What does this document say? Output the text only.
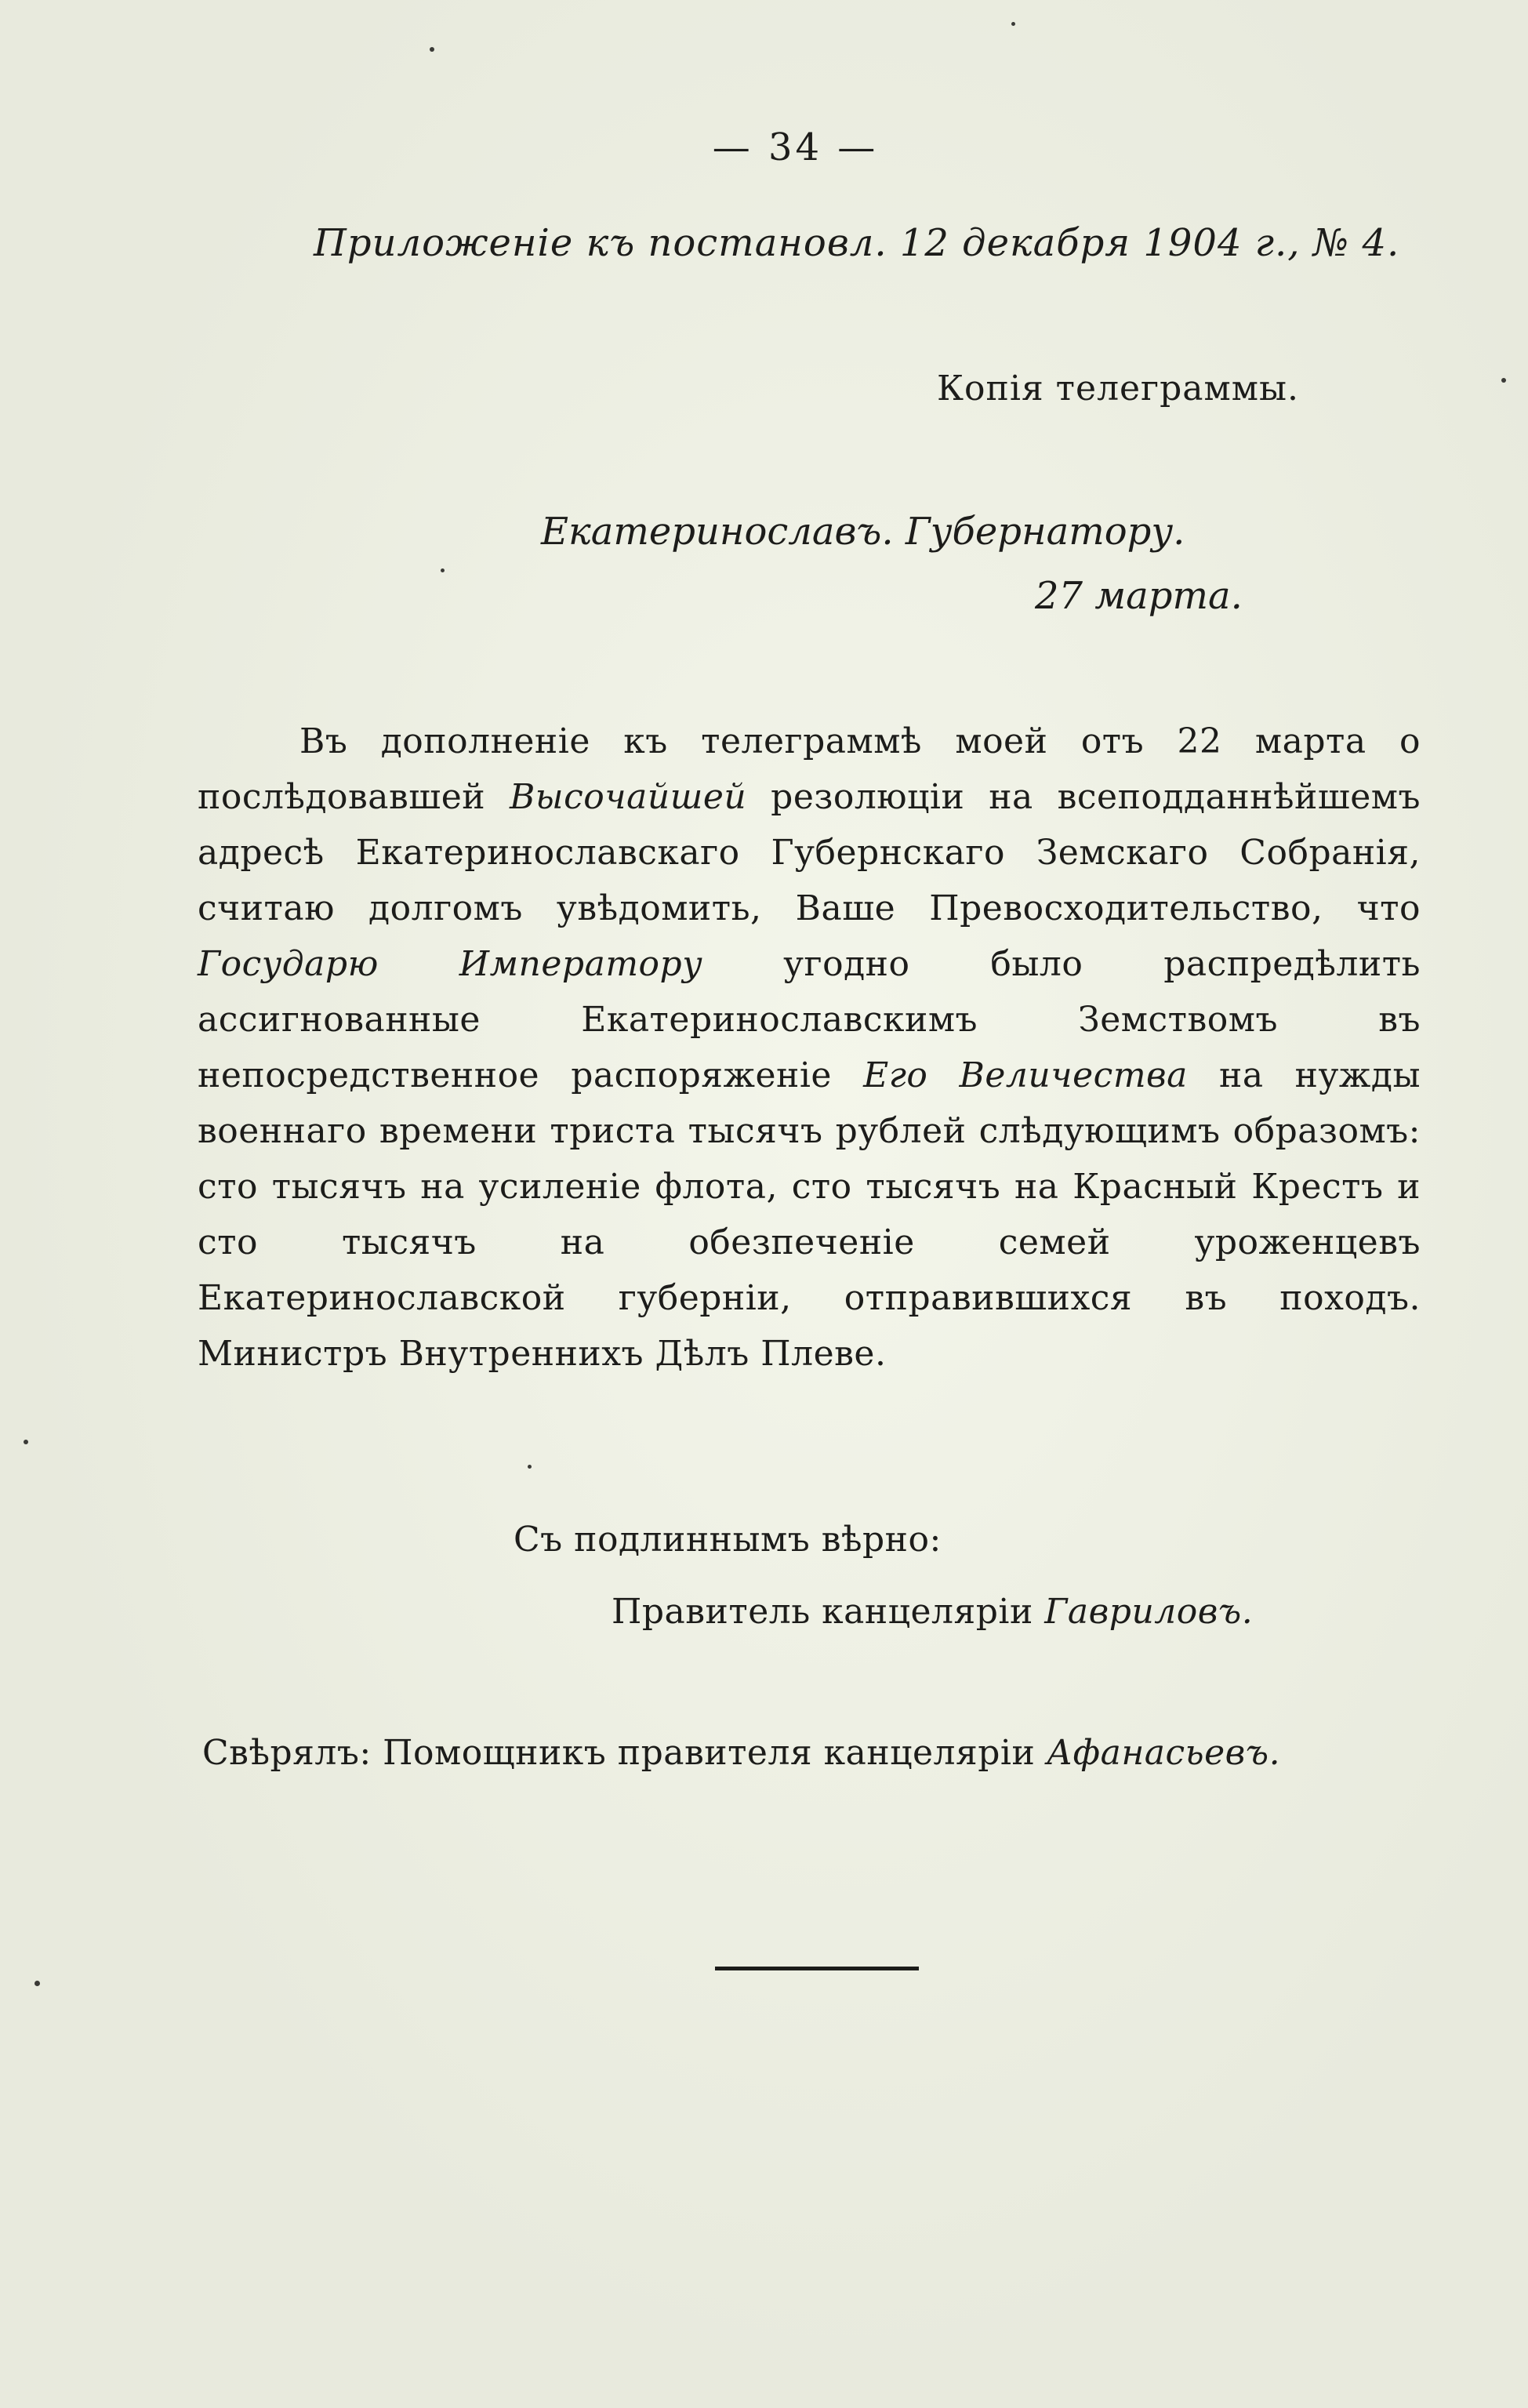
— 34 —
Приложенiе къ постановл. 12 декабря 1904 г., № 4.
Копiя телеграммы.
Екатеринославъ. Губернатору.
27 марта.
Въ дополненiе къ телеграммѣ моей отъ 22 марта о послѣдовавшей Высочайшей резолюцiи на всеподданнѣйшемъ адресѣ Екатеринославскаго Губернскаго Земскаго Собранiя, считаю долгомъ увѣдомить, Ваше Превосходительство, что Государю Императору угодно было распредѣлить ассигнованные Екатеринославскимъ Земствомъ въ непосредственное распоряженiе Его Величества на нужды военнаго времени триста тысячъ рублей слѣдующимъ образомъ: сто тысячъ на усиленiе флота, сто тысячъ на Красный Крестъ и сто тысячъ на обезпеченiе семей уроженцевъ Екатеринославской губернiи, отправившихся въ походъ. Министръ Внутреннихъ Дѣлъ Плеве.
Съ подлиннымъ вѣрно:
Правитель канцелярiи Гавриловъ.
Свѣрялъ: Помощникъ правителя канцелярiи Афанасьевъ.
